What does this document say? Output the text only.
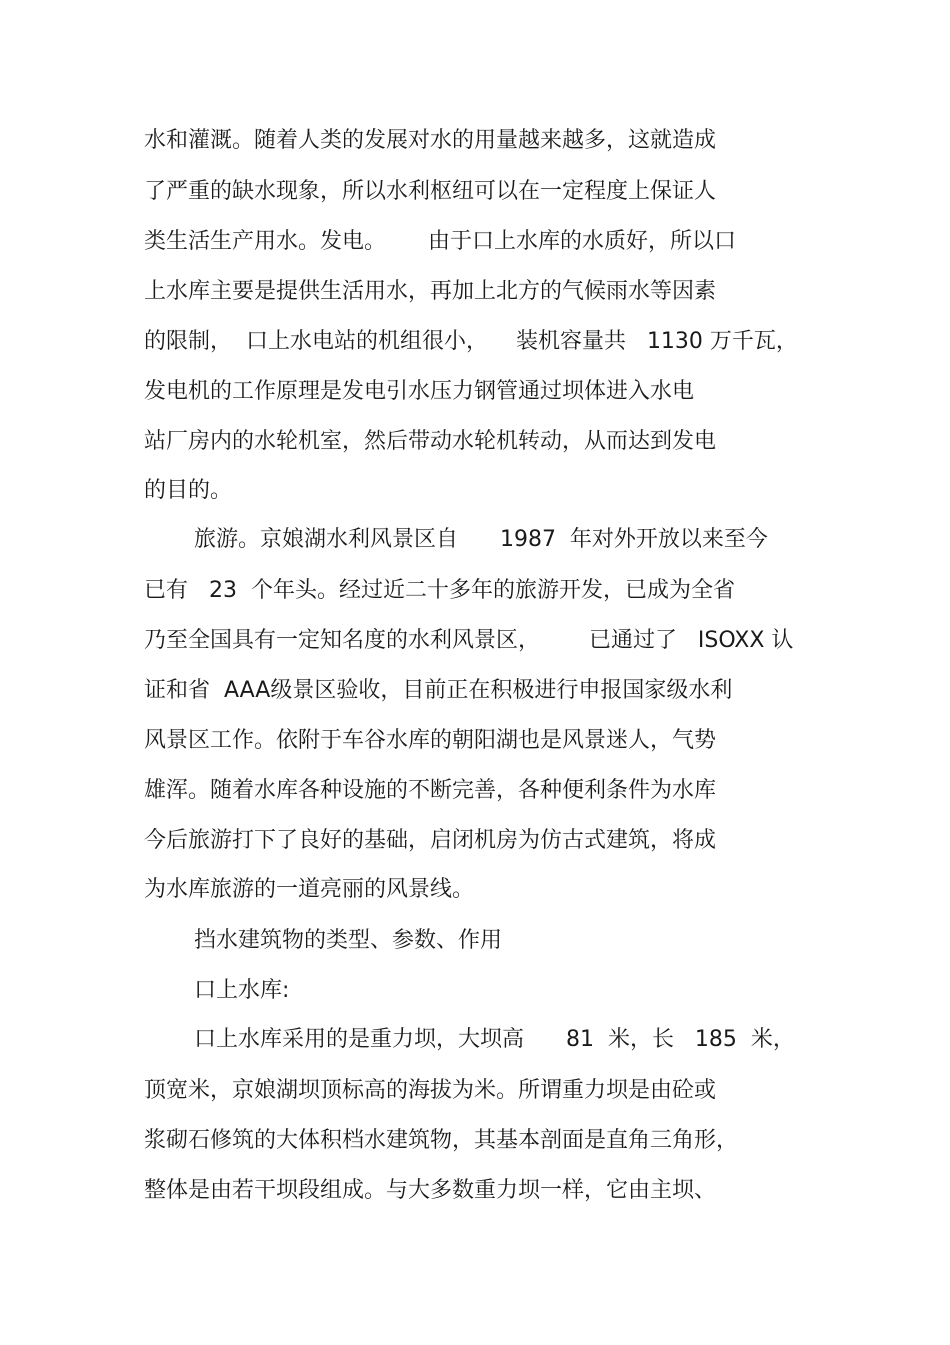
水和灌溉。随着人类的发展对水的用量越来越多，这就造成
了严重的缺水现象，所以水利枢纽可以在一定程度上保证人
类生活生产用水。发电。      由于口上水库的水质好，所以口
上水库主要是提供生活用水，再加上北方的气候雨水等因素
的限制，  口上水电站的机组很小，    装机容量共   1130 万千瓦，
发电机的工作原理是发电引水压力钢管通过坝体进入水电
站厂房内的水轮机室，然后带动水轮机转动，从而达到发电
的目的。
旅游。京娘湖水利风景区自      1987  年对外开放以来至今
已有   23  个年头。经过近二十多年的旅游开发，已成为全省
乃至全国具有一定知名度的水利风景区，       已通过了   ISOXX 认
证和省  AAA级景区验收，目前正在积极进行申报国家级水利
风景区工作。依附于车谷水库的朝阳湖也是风景迷人，气势
雄浑。随着水库各种设施的不断完善，各种便利条件为水库
今后旅游打下了良好的基础，启闭机房为仿古式建筑，将成
为水库旅游的一道亮丽的风景线。
挡水建筑物的类型、参数、作用
口上水库:
口上水库采用的是重力坝，大坝高      81  米，长   185  米，
顶宽米，京娘湖坝顶标高的海拔为米。所谓重力坝是由砼或
浆砌石修筑的大体积档水建筑物，其基本剖面是直角三角形，
整体是由若干坝段组成。与大多数重力坝一样，它由主坝、
